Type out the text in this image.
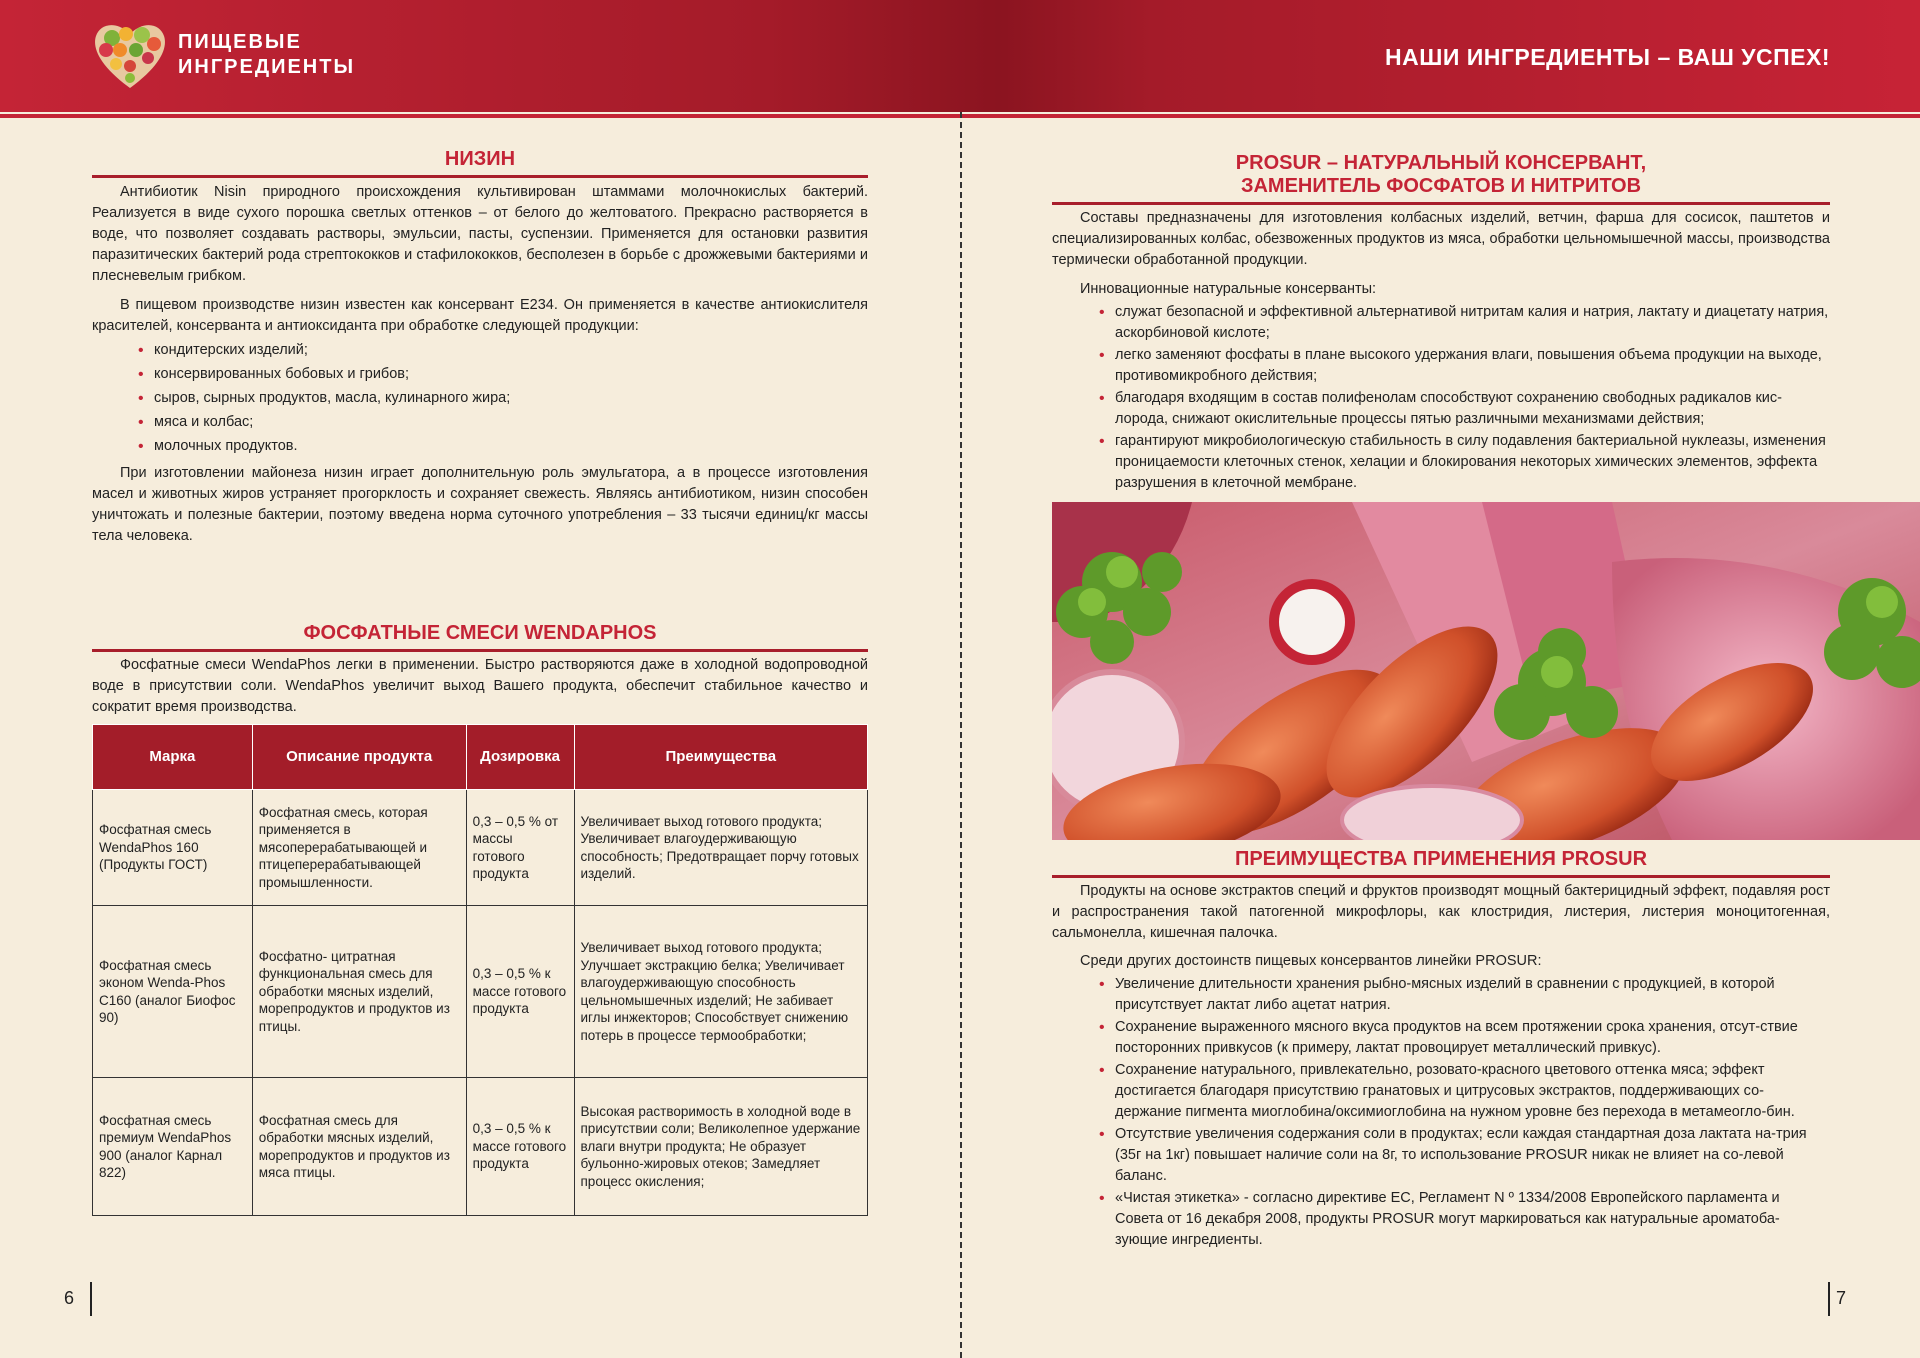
ПИЩЕВЫЕ
ИНГРЕДИЕНТЫ	НАШИ ИНГРЕДИЕНТЫ – ВАШ УСПЕХ!
НИЗИН

Антибиотик Nisin природного происхождения культивирован штаммами молочнокислых бактерий. Реализуется в виде сухого порошка светлых оттенков – от белого до желтоватого. Прекрасно растворяется в воде, что позволяет создавать растворы, эмульсии, пасты, суспензии. Применяется для остановки развития паразитических бактерий рода стрептококков и стафилококков, бесполезен в борьбе с дрожжевыми бактериями и плесневелым грибком.

В пищевом производстве низин известен как консервант Е234. Он применяется в качестве антиокислителя красителей, консерванта и антиоксиданта при обработке следующей продукции:

• кондитерских изделий;
• консервированных бобовых и грибов;
• сыров, сырных продуктов, масла, кулинарного жира;
• мяса и колбас;
• молочных продуктов.

При изготовлении майонеза низин играет дополнительную роль эмульгатора, а в процессе изготовления масел и животных жиров устраняет прогорклость и сохраняет свежесть. Являясь антибиотиком, низин способен уничтожать и полезные бактерии, поэтому введена норма суточного употребления – 33 тысячи единиц/кг массы тела человека.

ФОСФАТНЫЕ СМЕСИ WENDAPHOS

Фосфатные смеси WendaPhos легки в применении. Быстро растворяются даже в холодной водопроводной воде в присутствии соли. WendaPhos увеличит выход Вашего продукта, обеспечит стабильное качество и сократит время производства.

Марка	Описание продукта	Дозировка	Преимущества
Фосфатная смесь WendaPhos 160 (Продукты ГОСТ)	Фосфатная смесь, которая применяется в мясоперерабатывающей и птицеперерабатывающей промышленности.	0,3 – 0,5 % от массы готового продукта	Увеличивает выход готового продукта; Увеличивает влагоудерживающую способность; Предотвращает порчу готовых изделий.
Фосфатная смесь эконом Wenda-Phos C160 (аналог Биофос 90)	Фосфатно- цитратная функциональная смесь для обработки мясных изделий, морепродуктов и продуктов из птицы.	0,3 – 0,5 % к массе готового продукта	Увеличивает выход готового продукта; Улучшает экстракцию белка; Увеличивает влагоудерживающую способность цельномышечных изделий; Не забивает иглы инжекторов; Способствует снижению потерь в процессе термообработки;
Фосфатная смесь премиум WendaPhos 900 (аналог Карнал 822)	Фосфатная смесь для обработки мясных изделий, морепродуктов и продуктов из мяса птицы.	0,3 – 0,5 % к массе готового продукта	Высокая растворимость в холодной воде в присутствии соли; Великолепное удержание влаги внутри продукта; Не образует бульонно-жировых отеков; Замедляет процесс окисления;
6
PROSUR – НАТУРАЛЬНЫЙ КОНСЕРВАНТ,
ЗАМЕНИТЕЛЬ ФОСФАТОВ И НИТРИТОВ

Составы предназначены для изготовления колбасных изделий, ветчин, фарша для сосисок, паштетов и специализированных колбас, обезвоженных продуктов из мяса, обработки цельномышечной массы, производства термически обработанной продукции.

Инновационные натуральные консерванты:

• служат безопасной и эффективной альтернативой нитритам калия и натрия, лактату и диацетату натрия, аскорбиновой кислоте;
• легко заменяют фосфаты в плане высокого удержания влаги, повышения объема продукции на выходе, противомикробного действия;
• благодаря входящим в состав полифенолам способствуют сохранению свободных радикалов кис-лорода, снижают окислительные процессы пятью различными механизмами действия;
• гарантируют микробиологическую стабильность в силу подавления бактериальной нуклеазы, изменения проницаемости клеточных стенок, хелации и блокирования некоторых химических элементов, эффекта разрушения в клеточной мембране.
ПРЕИМУЩЕСТВА ПРИМЕНЕНИЯ PROSUR

Продукты на основе экстрактов специй и фруктов производят мощный бактерицидный эффект, подавляя рост и распространения такой патогенной микрофлоры, как клостридия, листерия, листерия моноцитогенная, сальмонелла, кишечная палочка.

Среди других достоинств пищевых консервантов линейки PROSUR:

• Увеличение длительности хранения рыбно-мясных изделий в сравнении с продукцией, в которой присутствует лактат либо ацетат натрия.
• Сохранение выраженного мясного вкуса продуктов на всем протяжении срока хранения, отсут-ствие посторонних привкусов (к примеру, лактат провоцирует металлический привкус).
• Сохранение натурального, привлекательно, розовато-красного цветового оттенка мяса; эффект достигается благодаря присутствию гранатовых и цитрусовых экстрактов, поддерживающих со-держание пигмента миоглобина/оксимиоглобина на нужном уровне без перехода в метамеогло-бин.
• Отсутствие увеличения содержания соли в продуктах; если каждая стандартная доза лактата на-трия (35г на 1кг) повышает наличие соли на 8г, то использование PROSUR никак не влияет на со-левой баланс.
• «Чистая этикетка» - согласно директиве ЕС, Регламент N º 1334/2008 Европейского парламента и Совета от 16 декабря 2008, продукты PROSUR могут маркироваться как натуральные ароматоба-зующие ингредиенты.
7
